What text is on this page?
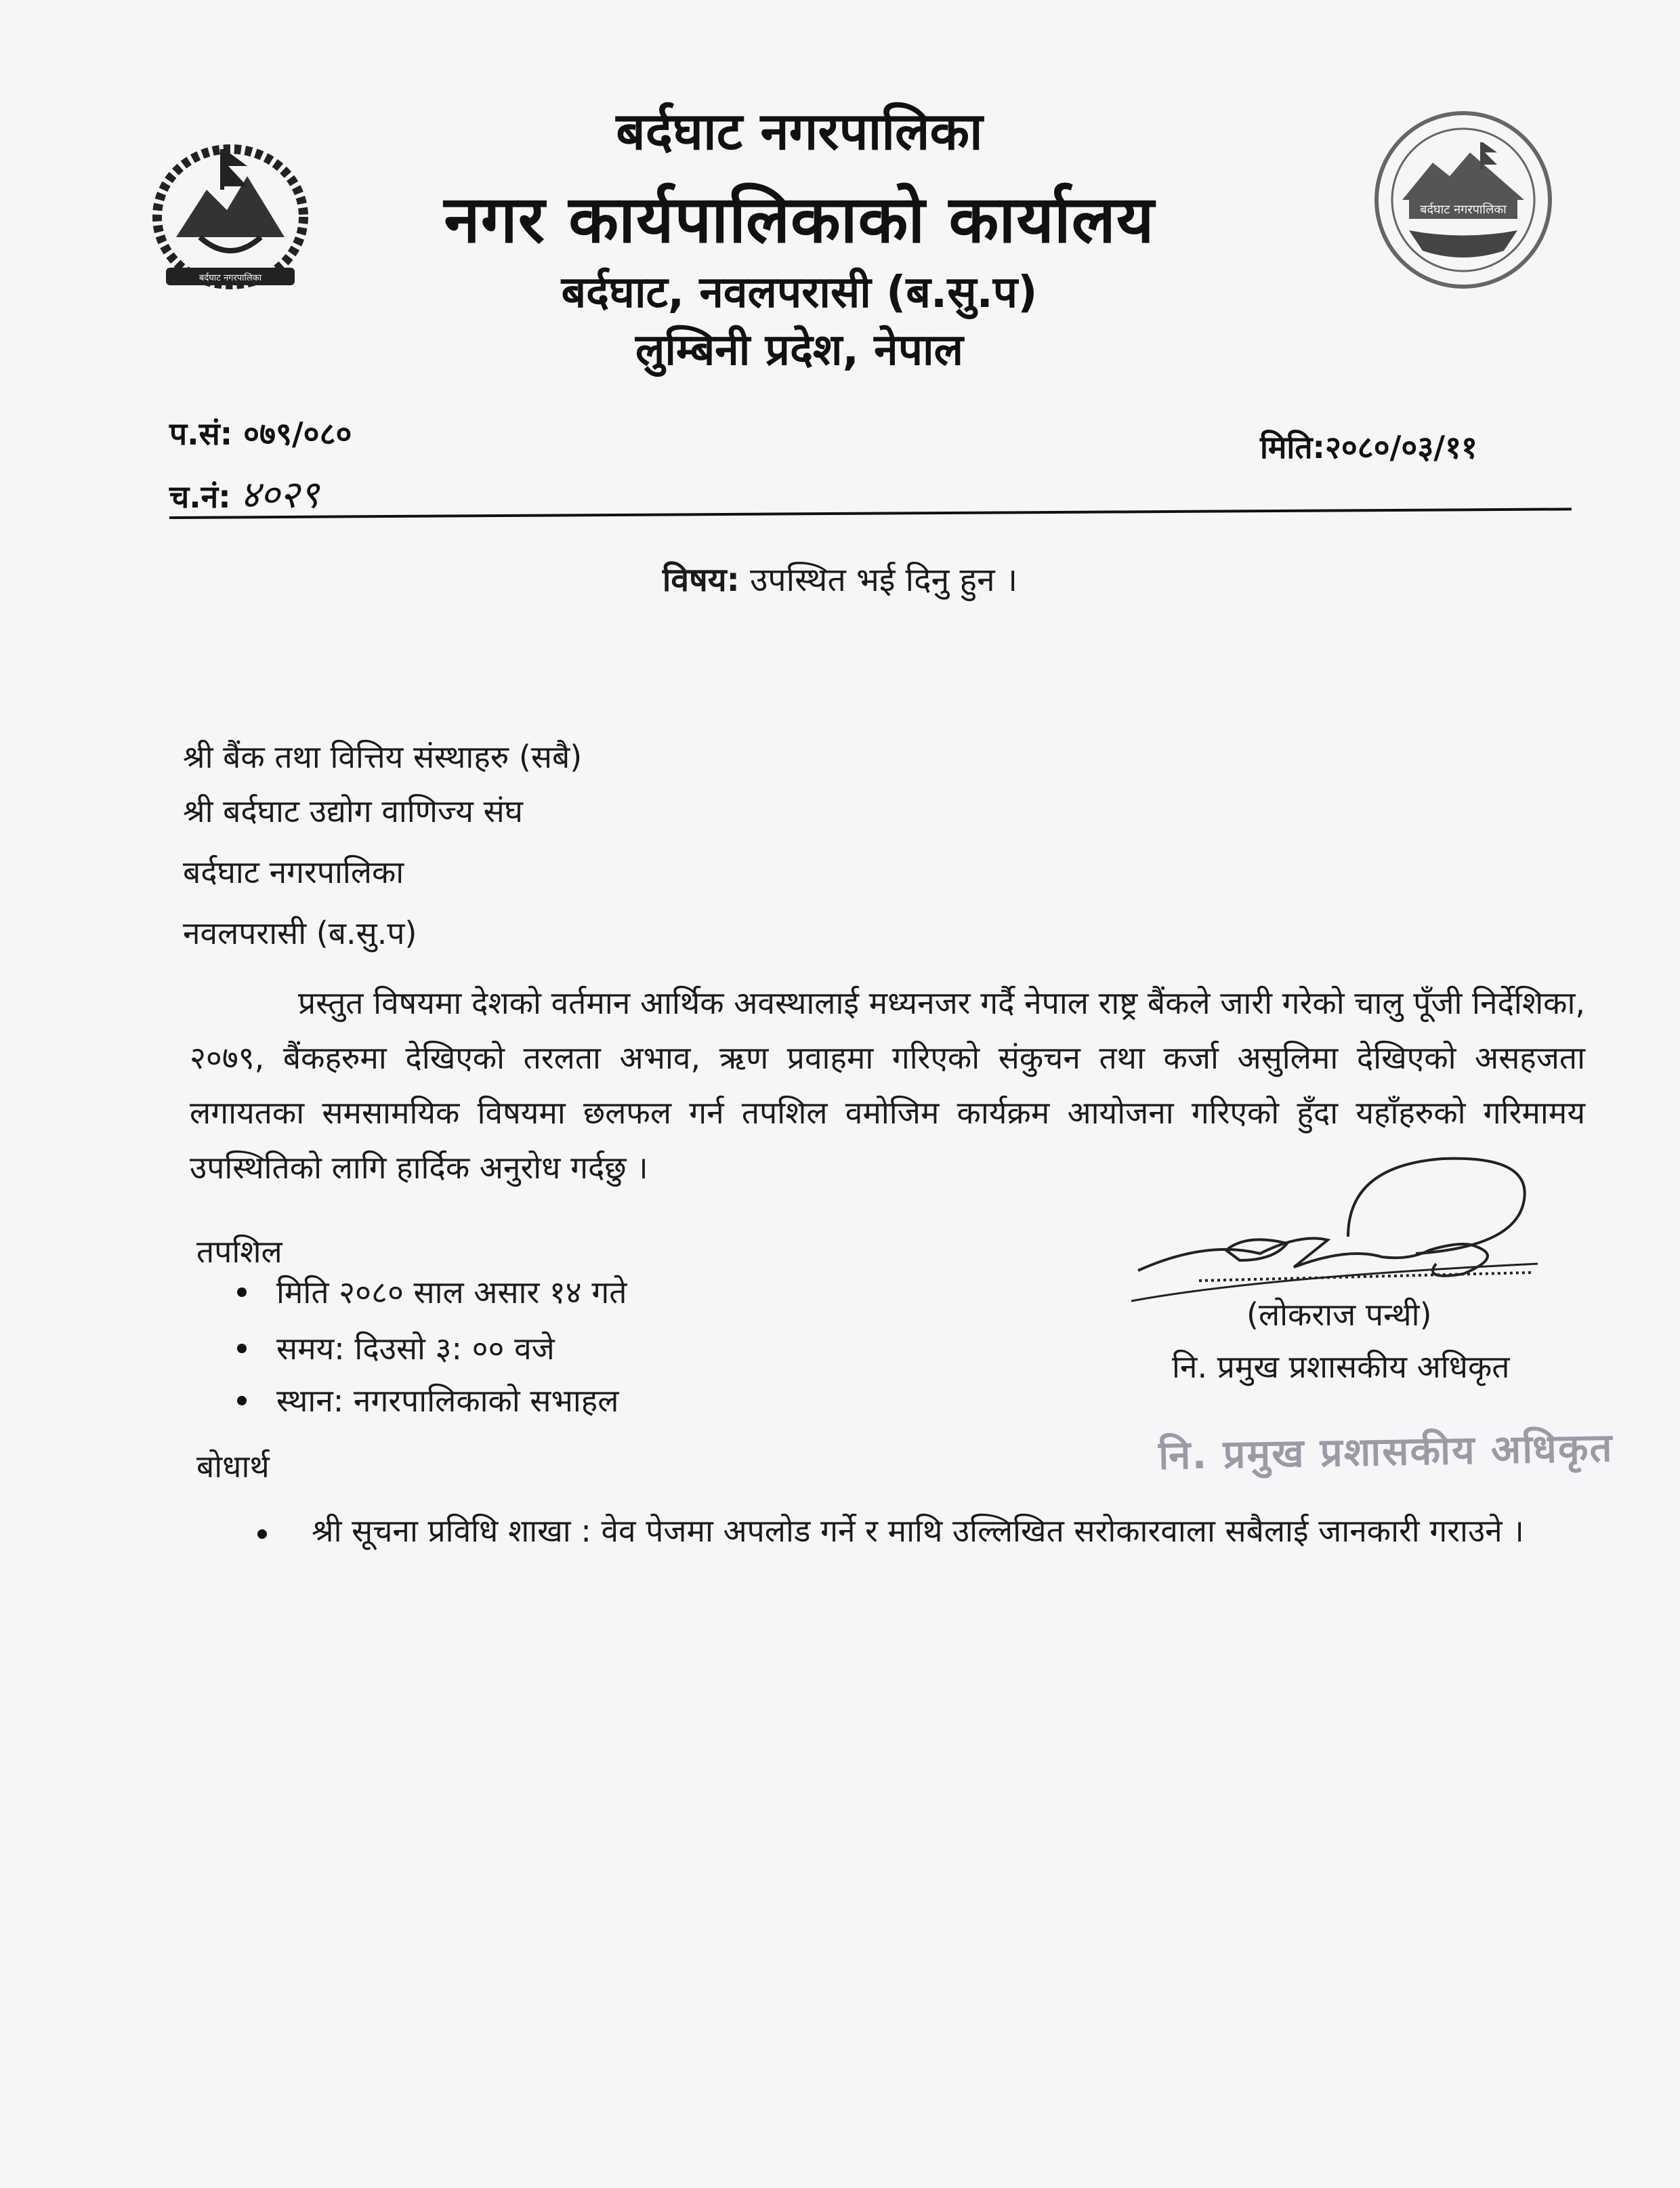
बर्दघाट नगरपालिका
बर्दघाट नगरपालिका
बर्दघाट नगरपालिका
नगर कार्यपालिकाको कार्यालय
बर्दघाट, नवलपरासी (ब.सु.प)
लुम्बिनी प्रदेश, नेपाल
प.सं: ०७९/०८०
च.नं: ४०२९
मिति:२०८०/०३/११
विषय: उपस्थित भई दिनु हुन ।
श्री बैंक तथा वित्तिय संस्थाहरु (सबै)
श्री बर्दघाट उद्योग वाणिज्य संघ
बर्दघाट नगरपालिका
नवलपरासी (ब.सु.प)
प्रस्तुत विषयमा देशको वर्तमान आर्थिक अवस्थालाई मध्यनजर गर्दै नेपाल राष्ट्र बैंकले जारी गरेको चालु पूँजी निर्देशिका, २०७९, बैंकहरुमा देखिएको तरलता अभाव, ऋण प्रवाहमा गरिएको संकुचन तथा कर्जा असुलिमा देखिएको असहजता लगायतका समसामयिक विषयमा छलफल गर्न तपशिल वमोजिम कार्यक्रम आयोजना गरिएको हुँदा यहाँहरुको गरिमामय उपस्थितिको लागि हार्दिक अनुरोध गर्दछु ।
तपशिल
मिति २०८० साल असार १४ गते
समय: दिउसो ३: ०० वजे
स्थान: नगरपालिकाको सभाहल
बोधार्थ
श्री सूचना प्रविधि शाखा : वेव पेजमा अपलोड गर्ने र माथि उल्लिखित सरोकारवाला सबैलाई जानकारी गराउने ।
(लोकराज पन्थी)
नि. प्रमुख प्रशासकीय अधिकृत
नि. प्रमुख प्रशासकीय अधिकृत
